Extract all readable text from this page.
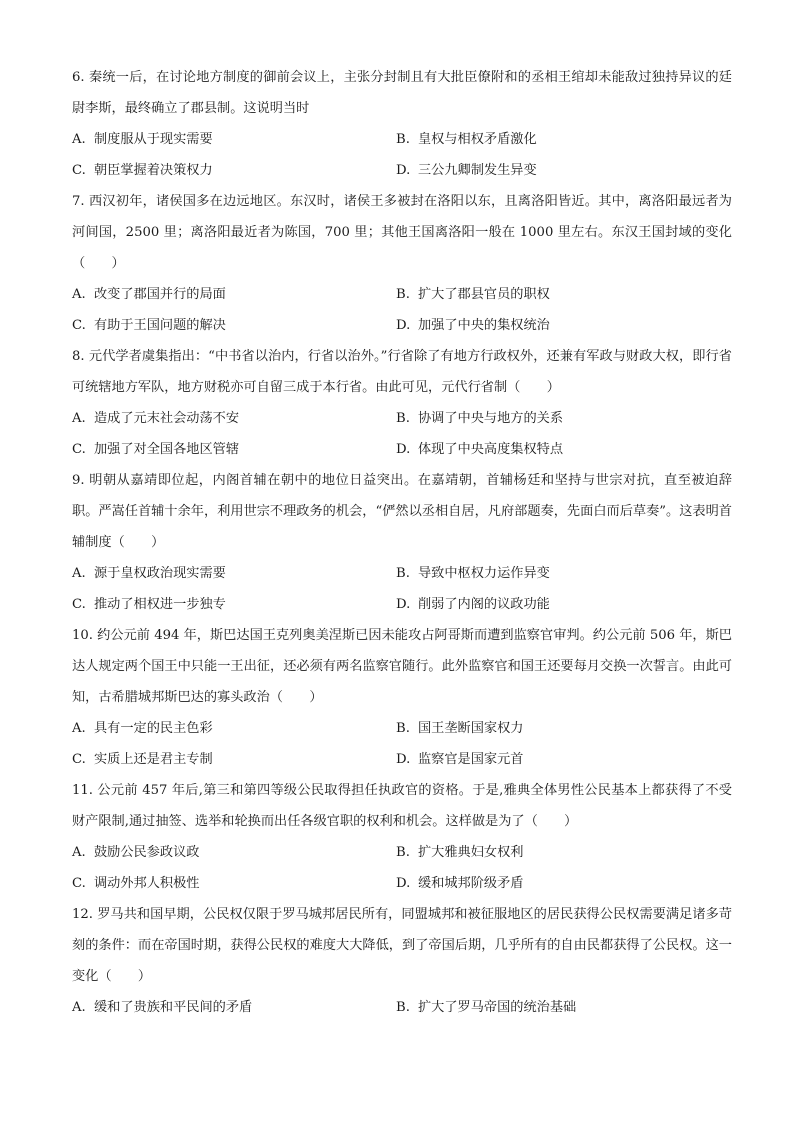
6. 秦统一后，在讨论地方制度的御前会议上，主张分封制且有大批臣僚附和的丞相王绾却未能敌过独持异议的廷尉李斯，最终确立了郡县制。这说明当时

A. 制度服从于现实需要	B. 皇权与相权矛盾激化
C. 朝臣掌握着决策权力	D. 三公九卿制发生异变

7. 西汉初年，诸侯国多在边远地区。东汉时，诸侯王多被封在洛阳以东，且离洛阳皆近。其中，离洛阳最远者为河间国，2500 里；离洛阳最近者为陈国，700 里；其他王国离洛阳一般在 1000 里左右。东汉王国封域的变化（　　）

A. 改变了郡国并行的局面	B. 扩大了郡县官员的职权
C. 有助于王国问题的解决	D. 加强了中央的集权统治

8. 元代学者虞集指出：“中书省以治内，行省以治外。”行省除了有地方行政权外，还兼有军政与财政大权，即行省可统辖地方军队，地方财税亦可自留三成于本行省。由此可见，元代行省制（　　）

A. 造成了元末社会动荡不安	B. 协调了中央与地方的关系
C. 加强了对全国各地区管辖	D. 体现了中央高度集权特点

9. 明朝从嘉靖即位起，内阁首辅在朝中的地位日益突出。在嘉靖朝，首辅杨廷和坚持与世宗对抗，直至被迫辞职。严嵩任首辅十余年，利用世宗不理政务的机会，“俨然以丞相自居，凡府部题奏，先面白而后草奏”。这表明首辅制度（　　）

A. 源于皇权政治现实需要	B. 导致中枢权力运作异变
C. 推动了相权进一步独专	D. 削弱了内阁的议政功能

10. 约公元前 494 年，斯巴达国王克列奥美涅斯已因未能攻占阿哥斯而遭到监察官审判。约公元前 506 年，斯巴达人规定两个国王中只能一王出征，还必须有两名监察官随行。此外监察官和国王还要每月交换一次誓言。由此可知，古希腊城邦斯巴达的寡头政治（　　）

A. 具有一定的民主色彩	B. 国王垄断国家权力
C. 实质上还是君主专制	D. 监察官是国家元首

11. 公元前 457 年后,第三和第四等级公民取得担任执政官的资格。于是,雅典全体男性公民基本上都获得了不受财产限制,通过抽签、选举和轮换而出任各级官职的权利和机会。这样做是为了（　　）

A. 鼓励公民参政议政	B. 扩大雅典妇女权利
C. 调动外邦人积极性	D. 缓和城邦阶级矛盾

12. 罗马共和国早期，公民权仅限于罗马城邦居民所有，同盟城邦和被征服地区的居民获得公民权需要满足诸多苛刻的条件：而在帝国时期，获得公民权的难度大大降低，到了帝国后期，几乎所有的自由民都获得了公民权。这一变化（　　）

A. 缓和了贵族和平民间的矛盾	B. 扩大了罗马帝国的统治基础
